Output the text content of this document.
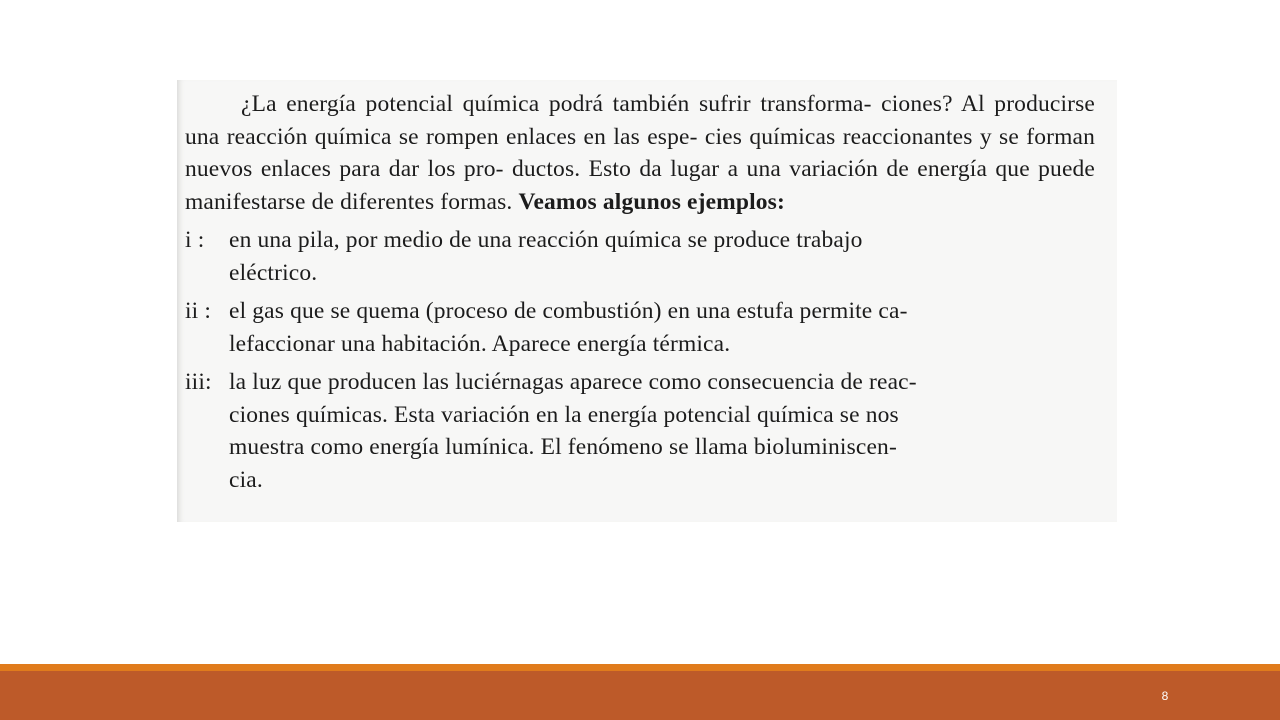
¿La energía potencial química podrá también sufrir transforma- ciones? Al producirse una reacción química se rompen enlaces en las espe- cies químicas reaccionantes y se forman nuevos enlaces para dar los pro- ductos. Esto da lugar a una variación de energía que puede manifestarse de diferentes formas. Veamos algunos ejemplos:

i :	en una pila, por medio de una reacción química se produce trabajo
eléctrico.
ii : el gas que se quema (proceso de combustión) en una estufa permite ca-
lefaccionar una habitación. Aparece energía térmica.
iii: la luz que producen las luciérnagas aparece como consecuencia de reac-
ciones químicas. Esta variación en la energía potencial química se nos
muestra como energía lumínica. El fenómeno se llama bioluminiscen-
cia.
8
